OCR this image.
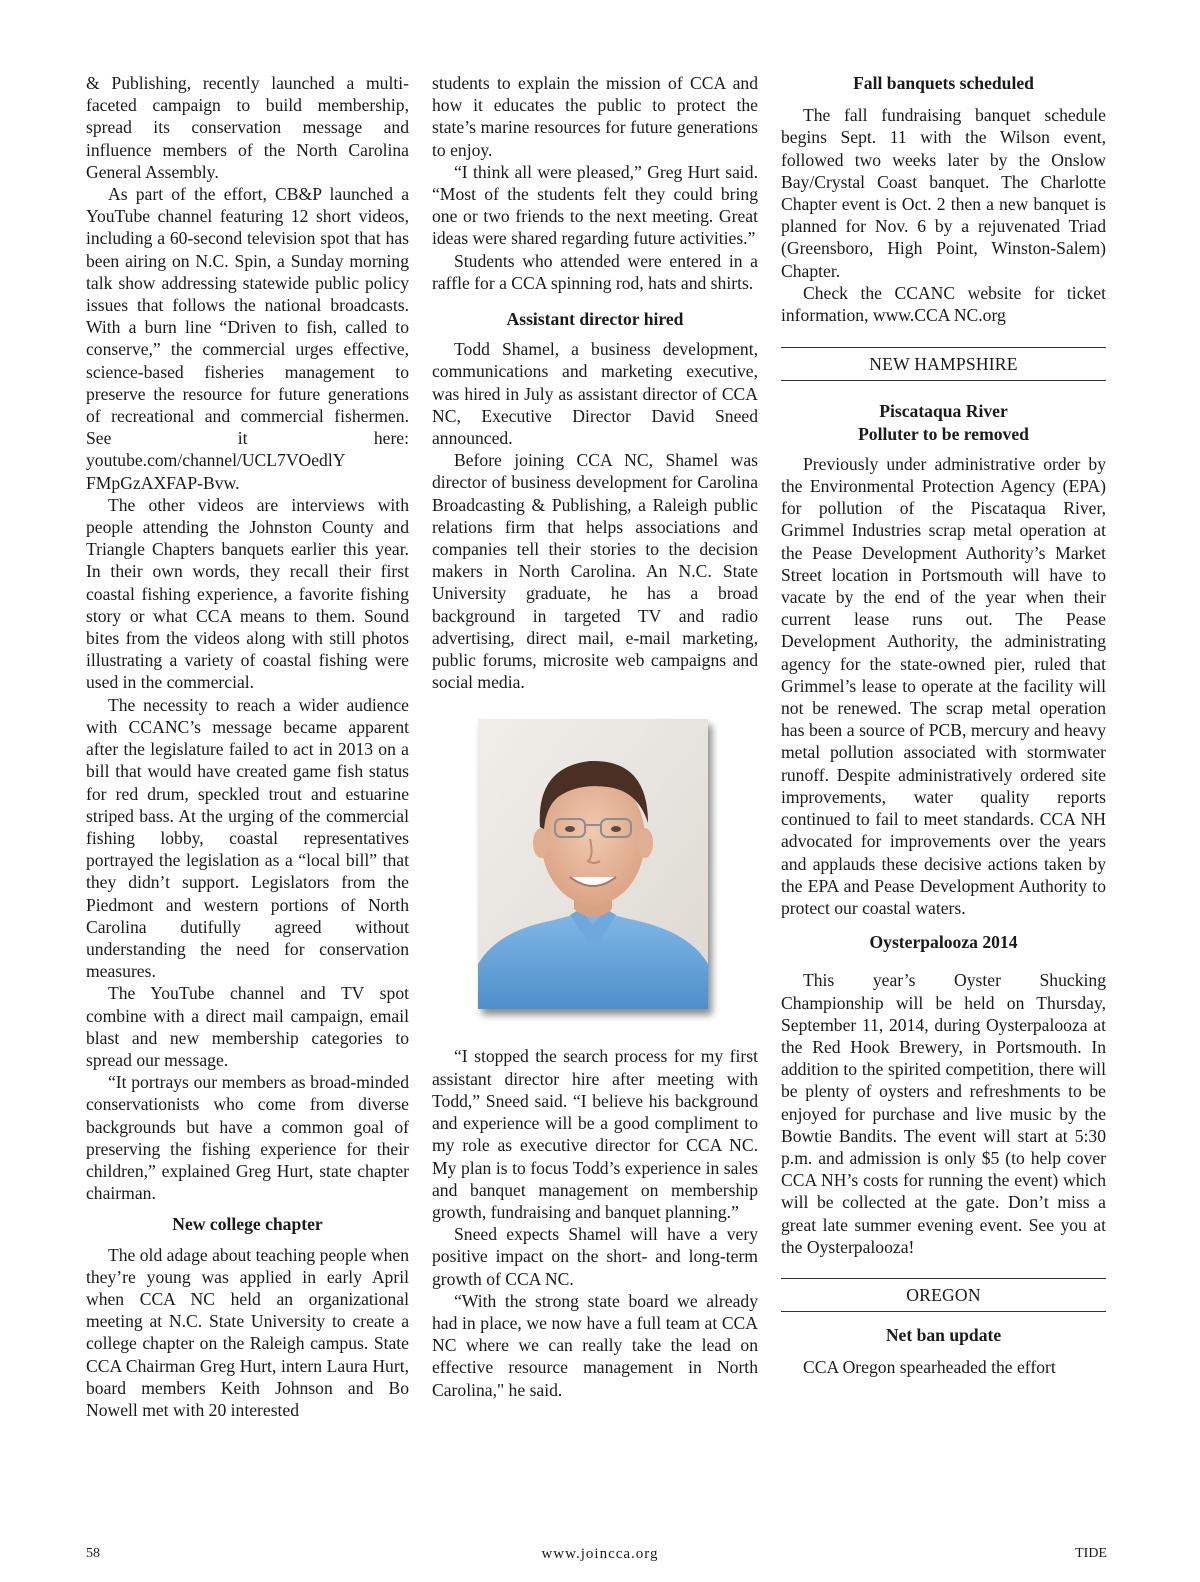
& Publishing, recently launched a multi-faceted campaign to build membership, spread its conservation message and influence members of the North Carolina General Assembly.

As part of the effort, CB&P launched a YouTube channel featuring 12 short videos, including a 60-second television spot that has been airing on N.C. Spin, a Sunday morning talk show addressing statewide public policy issues that follows the national broadcasts. With a burn line “Driven to fish, called to conserve,” the commercial urges effective, science-based fisheries management to preserve the resource for future generations of recreational and commercial fishermen. See it here: youtube.com/channel/UCL7VOedlY FMpGzAXFAP-Bvw.

The other videos are interviews with people attending the Johnston County and Triangle Chapters banquets earlier this year. In their own words, they recall their first coastal fishing experience, a favorite fishing story or what CCA means to them. Sound bites from the videos along with still photos illustrating a variety of coastal fishing were used in the commercial.

The necessity to reach a wider audience with CCANC’s message became apparent after the legislature failed to act in 2013 on a bill that would have created game fish status for red drum, speckled trout and estuarine striped bass. At the urging of the commercial fishing lobby, coastal representatives portrayed the legislation as a “local bill” that they didn’t support. Legislators from the Piedmont and western portions of North Carolina dutifully agreed without understanding the need for conservation measures.

The YouTube channel and TV spot combine with a direct mail campaign, email blast and new membership categories to spread our message.

“It portrays our members as broad-minded conservationists who come from diverse backgrounds but have a common goal of preserving the fishing experience for their children,” explained Greg Hurt, state chapter chairman.

New college chapter

The old adage about teaching people when they’re young was applied in early April when CCA NC held an organizational meeting at N.C. State University to create a college chapter on the Raleigh campus. State CCA Chairman Greg Hurt, intern Laura Hurt, board members Keith Johnson and Bo Nowell met with 20 interested

students to explain the mission of CCA and how it educates the public to protect the state’s marine resources for future generations to enjoy.

“I think all were pleased,” Greg Hurt said. “Most of the students felt they could bring one or two friends to the next meeting. Great ideas were shared regarding future activities.”

Students who attended were entered in a raffle for a CCA spinning rod, hats and shirts.

Assistant director hired

Todd Shamel, a business development, communications and marketing executive, was hired in July as assistant director of CCA NC, Executive Director David Sneed announced.

Before joining CCA NC, Shamel was director of business development for Carolina Broadcasting & Publishing, a Raleigh public relations firm that helps associations and companies tell their stories to the decision makers in North Carolina. An N.C. State University graduate, he has a broad background in targeted TV and radio advertising, direct mail, e-mail marketing, public forums, microsite web campaigns and social media.

“I stopped the search process for my first assistant director hire after meeting with Todd,” Sneed said. “I believe his background and experience will be a good compliment to my role as executive director for CCA NC. My plan is to focus Todd’s experience in sales and banquet management on membership growth, fundraising and banquet planning.”

Sneed expects Shamel will have a very positive impact on the short- and long-term growth of CCA NC.

“With the strong state board we already had in place, we now have a full team at CCA NC where we can really take the lead on effective resource management in North Carolina," he said.

Fall banquets scheduled

The fall fundraising banquet schedule begins Sept. 11 with the Wilson event, followed two weeks later by the Onslow Bay/Crystal Coast banquet. The Charlotte Chapter event is Oct. 2 then a new banquet is planned for Nov. 6 by a rejuvenated Triad (Greensboro, High Point, Winston-Salem) Chapter.

Check the CCANC website for ticket information, www.CCA NC.org

NEW HAMPSHIRE
Piscataqua River
Polluter to be removed

Previously under administrative order by the Environmental Protection Agency (EPA) for pollution of the Piscataqua River, Grimmel Industries scrap metal operation at the Pease Development Authority’s Market Street location in Portsmouth will have to vacate by the end of the year when their current lease runs out. The Pease Development Authority, the administrating agency for the state-owned pier, ruled that Grimmel’s lease to operate at the facility will not be renewed. The scrap metal operation has been a source of PCB, mercury and heavy metal pollution associated with stormwater runoff. Despite administratively ordered site improvements, water quality reports continued to fail to meet standards. CCA NH advocated for improvements over the years and applauds these decisive actions taken by the EPA and Pease Development Authority to protect our coastal waters.

Oysterpalooza 2014

This year’s Oyster Shucking Championship will be held on Thursday, September 11, 2014, during Oysterpalooza at the Red Hook Brewery, in Portsmouth. In addition to the spirited competition, there will be plenty of oysters and refreshments to be enjoyed for purchase and live music by the Bowtie Bandits. The event will start at 5:30 p.m. and admission is only $5 (to help cover CCA NH’s costs for running the event) which will be collected at the gate. Don’t miss a great late summer evening event. See you at the Oysterpalooza!

OREGON
Net ban update

CCA Oregon spearheaded the effort

58	www.joincca.org	TIDE
